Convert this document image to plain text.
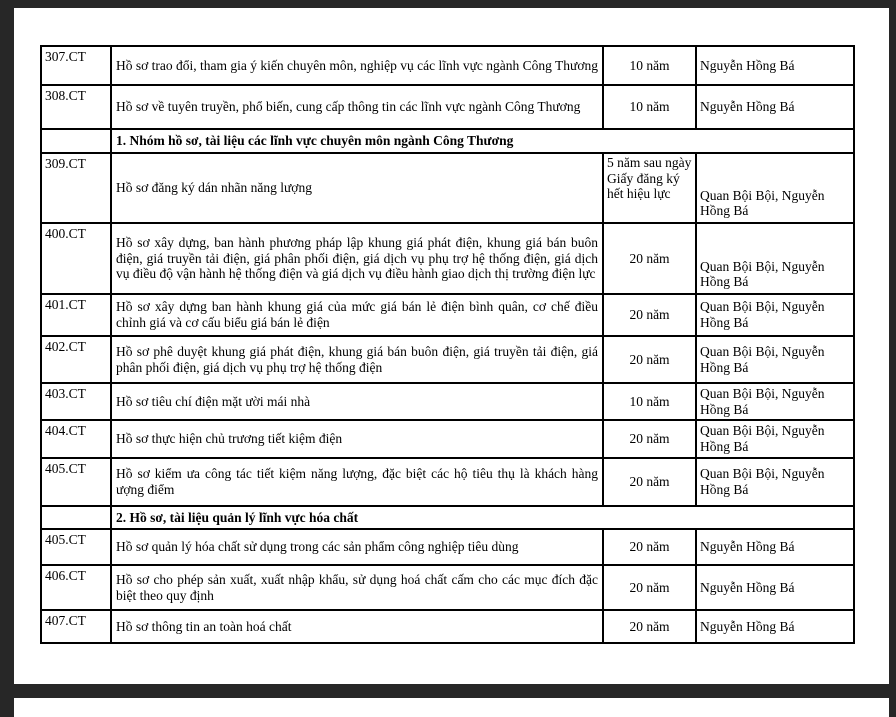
307.CT	Hồ sơ trao đổi, tham gia ý kiến chuyên môn, nghiệp vụ các lĩnh vực ngành Công Thương	10 năm	Nguyễn Hồng Bá
308.CT	Hồ sơ về tuyên truyền, phổ biến, cung cấp thông tin các lĩnh vực ngành Công Thương	10 năm	Nguyễn Hồng Bá
	1. Nhóm hồ sơ, tài liệu các lĩnh vực chuyên môn ngành Công Thương		
309.CT	Hồ sơ đăng ký dán nhãn năng lượng	5 năm sau ngày Giấy đăng ký hết hiệu lực	Quan Bội Bội, Nguyễn Hồng Bá
400.CT	Hồ sơ xây dựng, ban hành phương pháp lập khung giá phát điện, khung giá bán buôn điện, giá truyền tải điện, giá phân phối điện, giá dịch vụ phụ trợ hệ thống điện, giá dịch vụ điều độ vận hành hệ thống điện và giá dịch vụ điều hành giao dịch thị trường điện lực	20 năm	Quan Bội Bội, Nguyễn Hồng Bá
401.CT	Hồ sơ xây dựng ban hành khung giá của mức giá bán lẻ điện bình quân, cơ chế điều chỉnh giá và cơ cấu biểu giá bán lẻ điện	20 năm	Quan Bội Bội, Nguyễn Hồng Bá
402.CT	Hồ sơ phê duyệt khung giá phát điện, khung giá bán buôn điện, giá truyền tải điện, giá phân phối điện, giá dịch vụ phụ trợ hệ thống điện	20 năm	Quan Bội Bội, Nguyễn Hồng Bá
403.CT	Hồ sơ tiêu chí điện mặt ười mái nhà	10 năm	Quan Bội Bội, Nguyễn Hồng Bá
404.CT	Hồ sơ thực hiện chủ trương tiết kiệm điện	20 năm	Quan Bội Bội, Nguyễn Hồng Bá
405.CT	Hồ sơ kiểm ưa công tác tiết kiệm năng lượng, đặc biệt các hộ tiêu thụ là khách hàng ượng điểm	20 năm	Quan Bội Bội, Nguyễn Hồng Bá
	2. Hồ sơ, tài liệu quản lý lĩnh vực hóa chất		
405.CT	Hồ sơ quản lý hóa chất sử dụng trong các sản phẩm công nghiệp tiêu dùng	20 năm	Nguyễn Hồng Bá
406.CT	Hồ sơ cho phép sản xuất, xuất nhập khẩu, sử dụng hoá chất cấm cho các mục đích đặc biệt theo quy định	20 năm	Nguyễn Hồng Bá
407.CT	Hồ sơ thông tin an toàn hoá chất	20 năm	Nguyễn Hồng Bá
